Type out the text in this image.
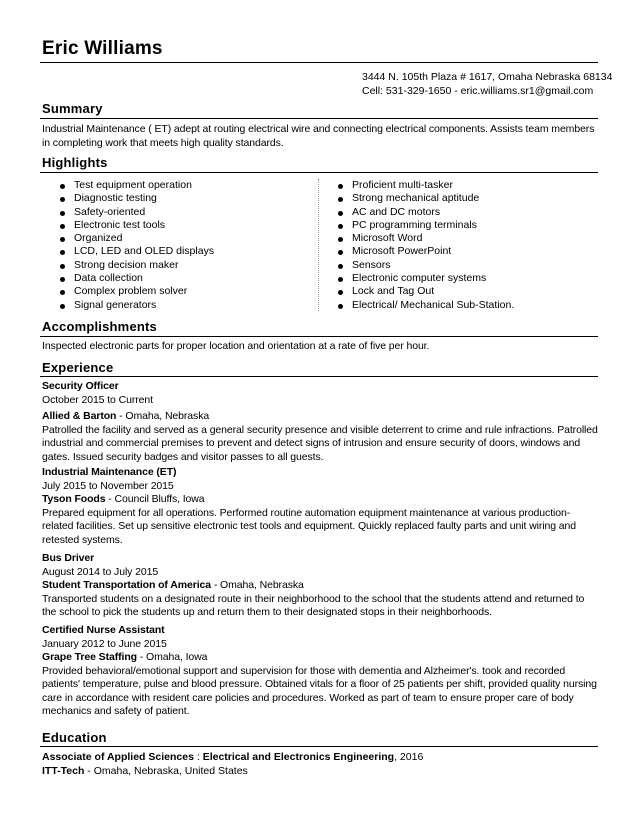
Eric Williams
3444 N. 105th Plaza # 1617, Omaha Nebraska 68134
Cell: 531-329-1650 - eric.williams.sr1@gmail.com
Summary
Industrial Maintenance ( ET) adept at routing electrical wire and connecting electrical components. Assists team members in completing work that meets high quality standards.
Highlights
Test equipment operation
Diagnostic testing
Safety-oriented
Electronic test tools
Organized
LCD, LED and OLED displays
Strong decision maker
Data collection
Complex problem solver
Signal generators
Proficient multi-tasker
Strong mechanical aptitude
AC and DC motors
PC programming terminals
Microsoft Word
Microsoft PowerPoint
Sensors
Electronic computer systems
Lock and Tag Out
Electrical/ Mechanical Sub-Station.
Accomplishments
Inspected electronic parts for proper location and orientation at a rate of five per hour.
Experience
Security Officer
October 2015 to Current
Allied & Barton - Omaha, Nebraska
Patrolled the facility and served as a general security presence and visible deterrent to crime and rule infractions. Patrolled industrial and commercial premises to prevent and detect signs of intrusion and ensure security of doors, windows and gates. Issued security badges and visitor passes to all guests.
Industrial Maintenance (ET)
July 2015 to November 2015
Tyson Foods - Council Bluffs, Iowa
Prepared equipment for all operations. Performed routine automation equipment maintenance at various production-related facilities. Set up sensitive electronic test tools and equipment. Quickly replaced faulty parts and unit wiring and retested systems.
Bus Driver
August 2014 to July 2015
Student Transportation of America - Omaha, Nebraska
Transported students on a designated route in their neighborhood to the school that the students attend and returned to the school to pick the students up and return them to their designated stops in their neighborhoods.
Certified Nurse Assistant
January 2012 to June 2015
Grape Tree Staffing - Omaha, Iowa
Provided behavioral/emotional support and supervision for those with dementia and Alzheimer's. took and recorded patients' temperature, pulse and blood pressure. Obtained vitals for a floor of 25 patients per shift, provided quality nursing care in accordance with resident care policies and procedures. Worked as part of team to ensure proper care of body mechanics and safety of patient.
Education
Associate of Applied Sciences : Electrical and Electronics Engineering, 2016
ITT-Tech - Omaha, Nebraska, United States
